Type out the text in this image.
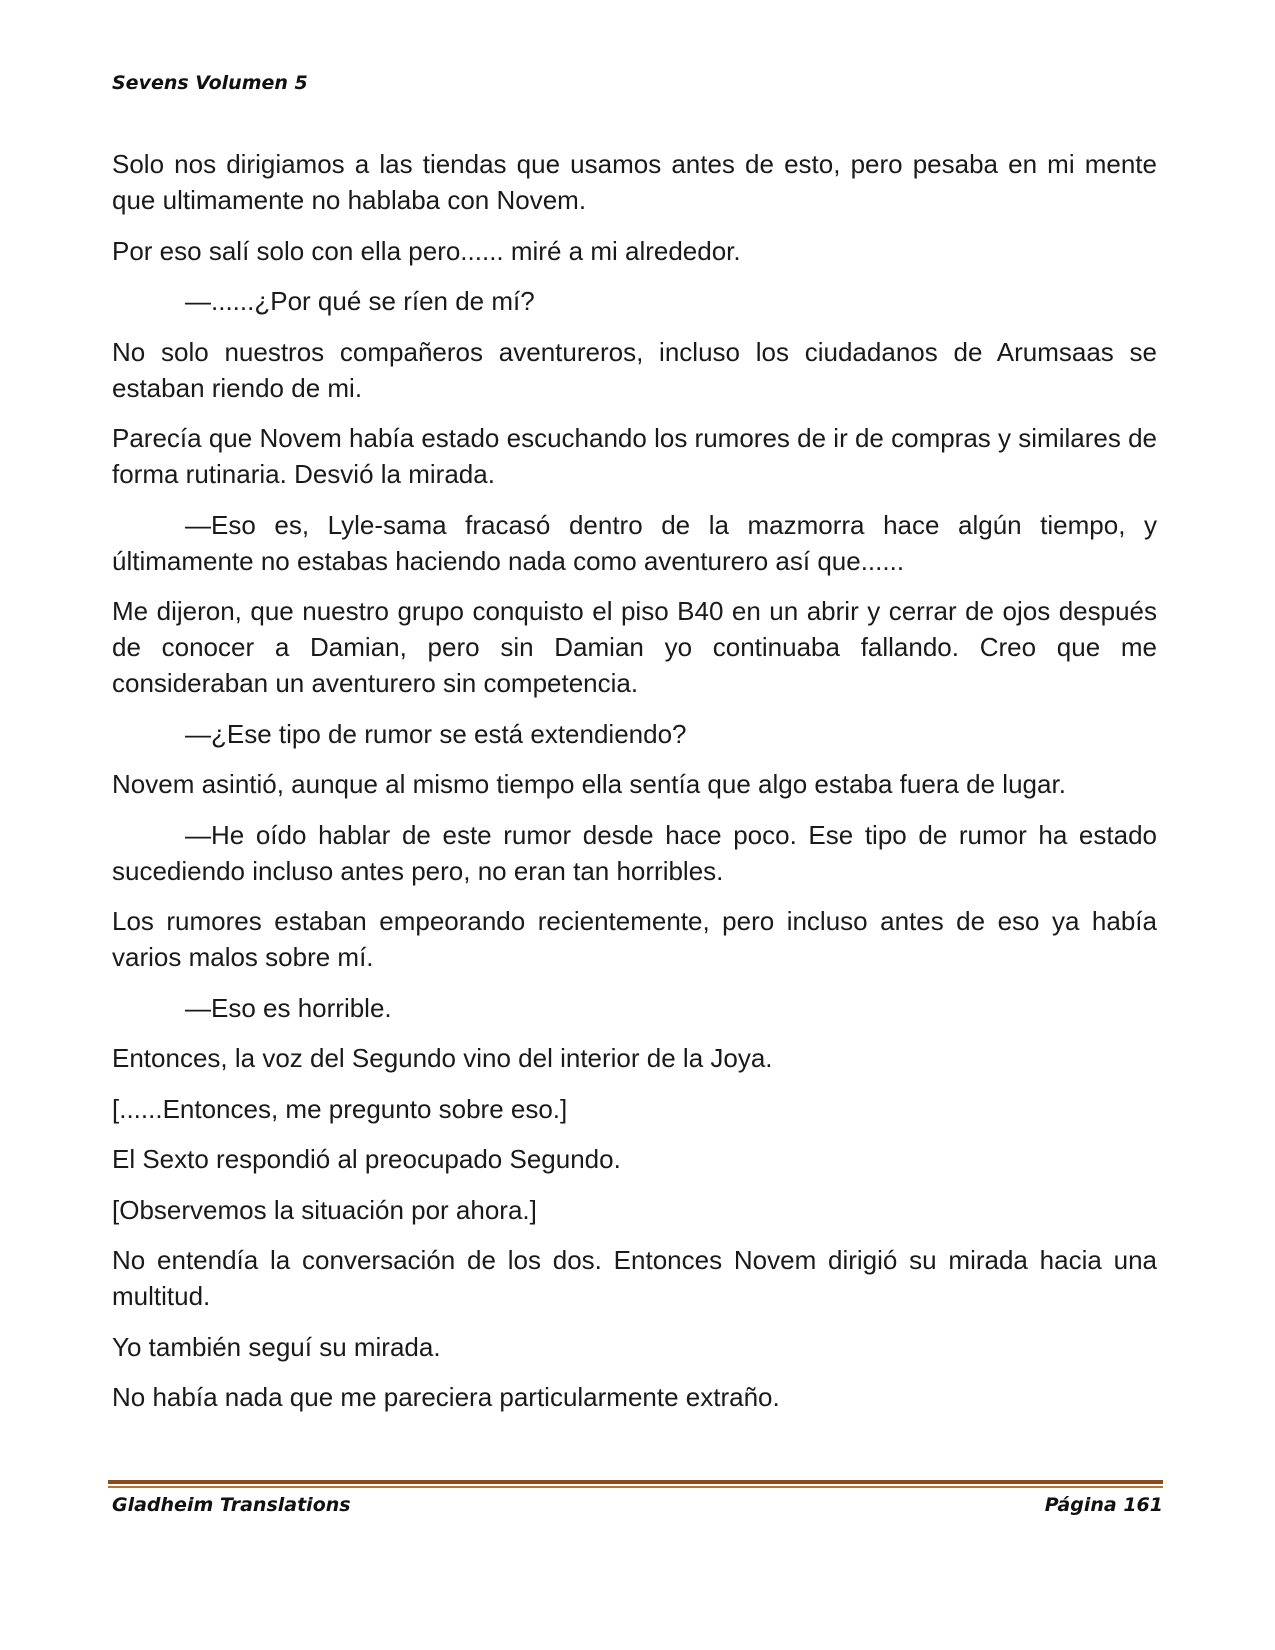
Sevens Volumen 5

Solo nos dirigiamos a las tiendas que usamos antes de esto, pero pesaba en mi mente que ultimamente no hablaba con Novem.

Por eso salí solo con ella pero...... miré a mi alrededor.

—......¿Por qué se ríen de mí?

No solo nuestros compañeros aventureros, incluso los ciudadanos de Arumsaas se estaban riendo de mi.

Parecía que Novem había estado escuchando los rumores de ir de compras y similares de forma rutinaria. Desvió la mirada.

—Eso es, Lyle-sama fracasó dentro de la mazmorra hace algún tiempo, y últimamente no estabas haciendo nada como aventurero así que......

Me dijeron, que nuestro grupo conquisto el piso B40 en un abrir y cerrar de ojos después de conocer a Damian, pero sin Damian yo continuaba fallando. Creo que me consideraban un aventurero sin competencia.

—¿Ese tipo de rumor se está extendiendo?

Novem asintió, aunque al mismo tiempo ella sentía que algo estaba fuera de lugar.

—He oído hablar de este rumor desde hace poco. Ese tipo de rumor ha estado sucediendo incluso antes pero, no eran tan horribles.

Los rumores estaban empeorando recientemente, pero incluso antes de eso ya había varios malos sobre mí.

—Eso es horrible.

Entonces, la voz del Segundo vino del interior de la Joya.

[......Entonces, me pregunto sobre eso.]

El Sexto respondió al preocupado Segundo.

[Observemos la situación por ahora.]

No entendía la conversación de los dos. Entonces Novem dirigió su mirada hacia una multitud.

Yo también seguí su mirada.

No había nada que me pareciera particularmente extraño.

Gladheim Translations	Página 161
